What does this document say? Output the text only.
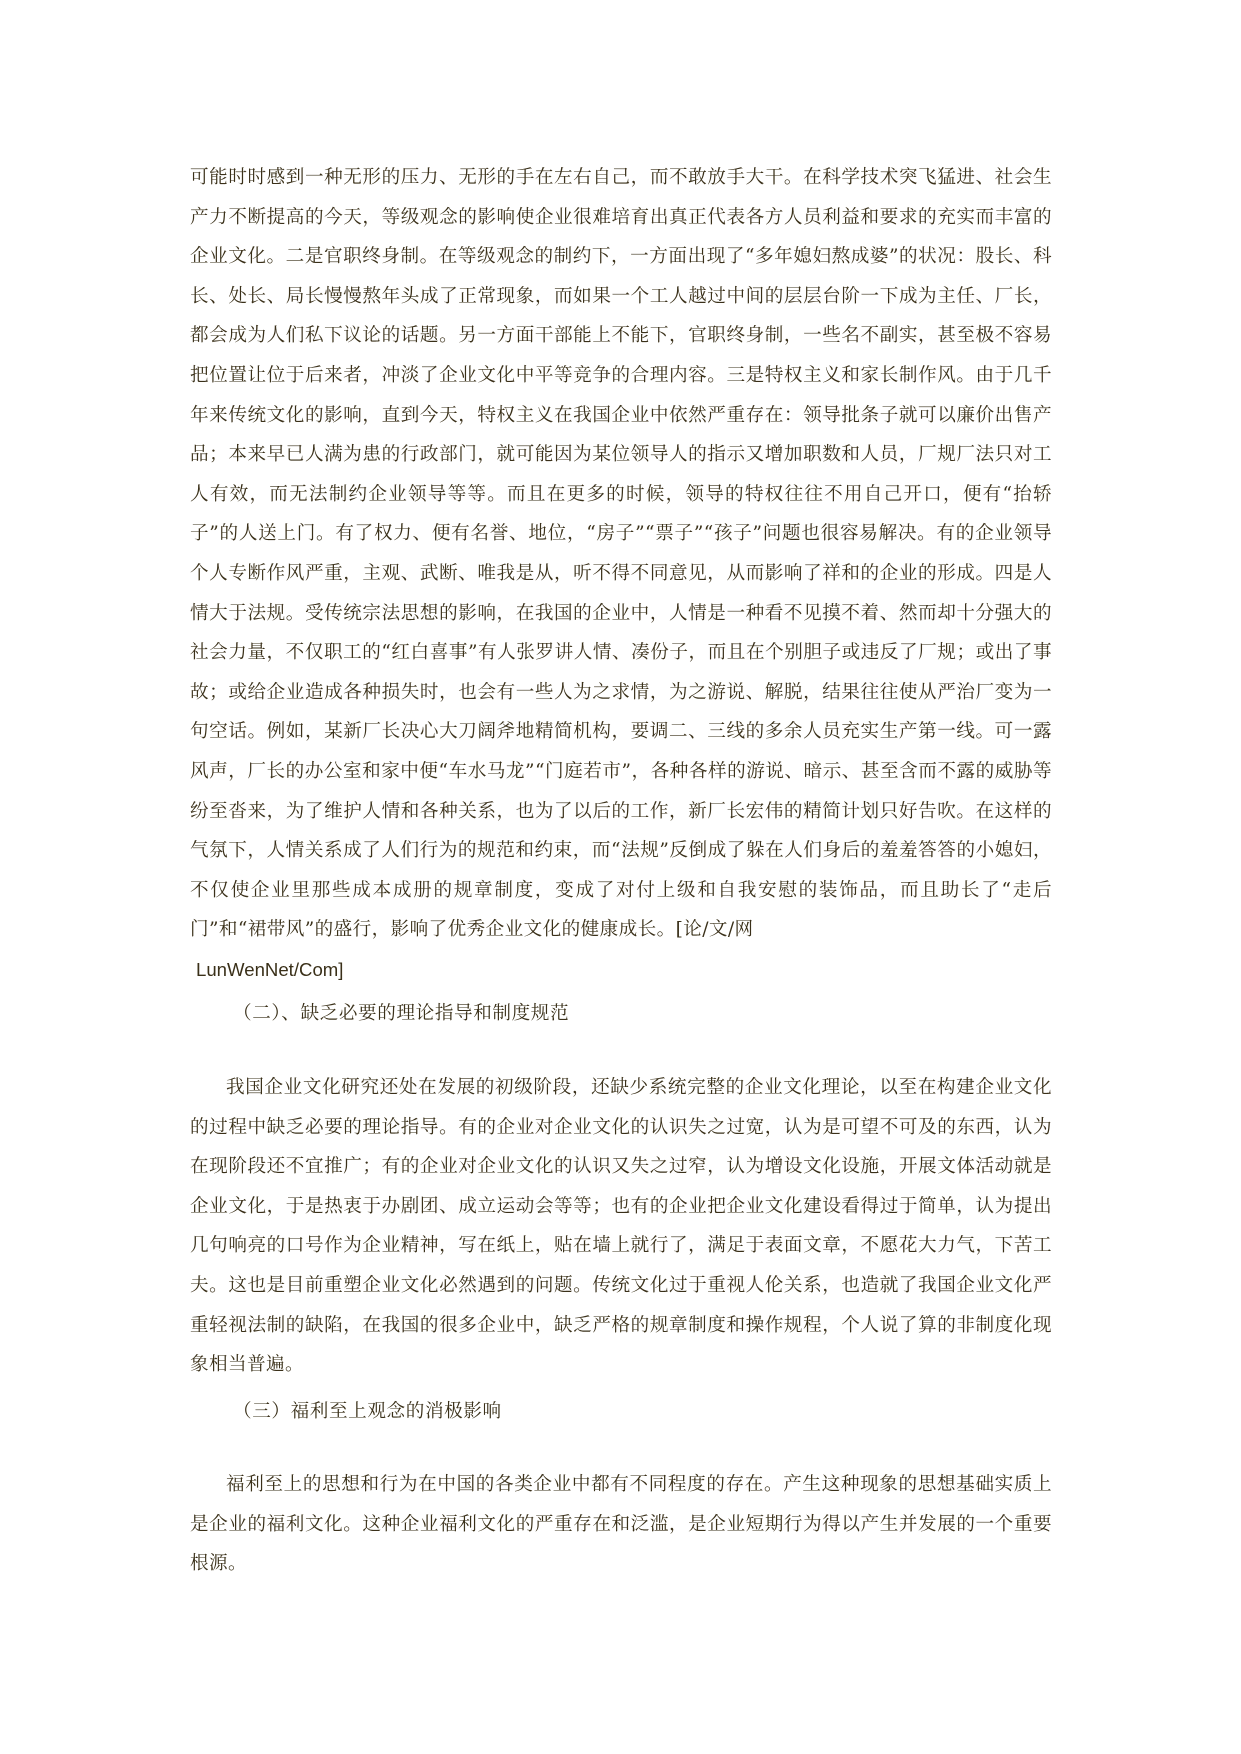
可能时时感到一种无形的压力、无形的手在左右自己，而不敢放手大干。在科学技术突飞猛进、社会生产力不断提高的今天，等级观念的影响使企业很难培育出真正代表各方人员利益和要求的充实而丰富的企业文化。二是官职终身制。在等级观念的制约下，一方面出现了“多年媳妇熬成婆”的状况：股长、科长、处长、局长慢慢熬年头成了正常现象，而如果一个工人越过中间的层层台阶一下成为主任、厂长，都会成为人们私下议论的话题。另一方面干部能上不能下，官职终身制，一些名不副实，甚至极不容易把位置让位于后来者，冲淡了企业文化中平等竞争的合理内容。三是特权主义和家长制作风。由于几千年来传统文化的影响，直到今天，特权主义在我国企业中依然严重存在：领导批条子就可以廉价出售产品；本来早已人满为患的行政部门，就可能因为某位领导人的指示又增加职数和人员，厂规厂法只对工人有效，而无法制约企业领导等等。而且在更多的时候，领导的特权往往不用自己开口，便有“抬轿子”的人送上门。有了权力、便有名誉、地位，“房子”“票子”“孩子”问题也很容易解决。有的企业领导个人专断作风严重，主观、武断、唯我是从，听不得不同意见，从而影响了祥和的企业的形成。四是人情大于法规。受传统宗法思想的影响，在我国的企业中，人情是一种看不见摸不着、然而却十分强大的社会力量，不仅职工的“红白喜事”有人张罗讲人情、凑份子，而且在个别胆子或违反了厂规；或出了事故；或给企业造成各种损失时，也会有一些人为之求情，为之游说、解脱，结果往往使从严治厂变为一句空话。例如，某新厂长决心大刀阔斧地精简机构，要调二、三线的多余人员充实生产第一线。可一露风声，厂长的办公室和家中便“车水马龙”“门庭若市”，各种各样的游说、暗示、甚至含而不露的威胁等纷至沓来，为了维护人情和各种关系，也为了以后的工作，新厂长宏伟的精简计划只好告吹。在这样的气氛下，人情关系成了人们行为的规范和约束，而“法规”反倒成了躲在人们身后的羞羞答答的小媳妇，不仅使企业里那些成本成册的规章制度，变成了对付上级和自我安慰的装饰品，而且助长了“走后门”和“裙带风”的盛行，影响了优秀企业文化的健康成长。[论/文/网
LunWenNet/Com]
（二）、缺乏必要的理论指导和制度规范
我国企业文化研究还处在发展的初级阶段，还缺少系统完整的企业文化理论，以至在构建企业文化的过程中缺乏必要的理论指导。有的企业对企业文化的认识失之过宽，认为是可望不可及的东西，认为在现阶段还不宜推广；有的企业对企业文化的认识又失之过窄，认为增设文化设施，开展文体活动就是企业文化，于是热衷于办剧团、成立运动会等等；也有的企业把企业文化建设看得过于简单，认为提出几句响亮的口号作为企业精神，写在纸上，贴在墙上就行了，满足于表面文章，不愿花大力气，下苦工夫。这也是目前重塑企业文化必然遇到的问题。传统文化过于重视人伦关系，也造就了我国企业文化严重轻视法制的缺陷，在我国的很多企业中，缺乏严格的规章制度和操作规程，个人说了算的非制度化现象相当普遍。
（三）福利至上观念的消极影响
福利至上的思想和行为在中国的各类企业中都有不同程度的存在。产生这种现象的思想基础实质上是企业的福利文化。这种企业福利文化的严重存在和泛滥，是企业短期行为得以产生并发展的一个重要根源。
